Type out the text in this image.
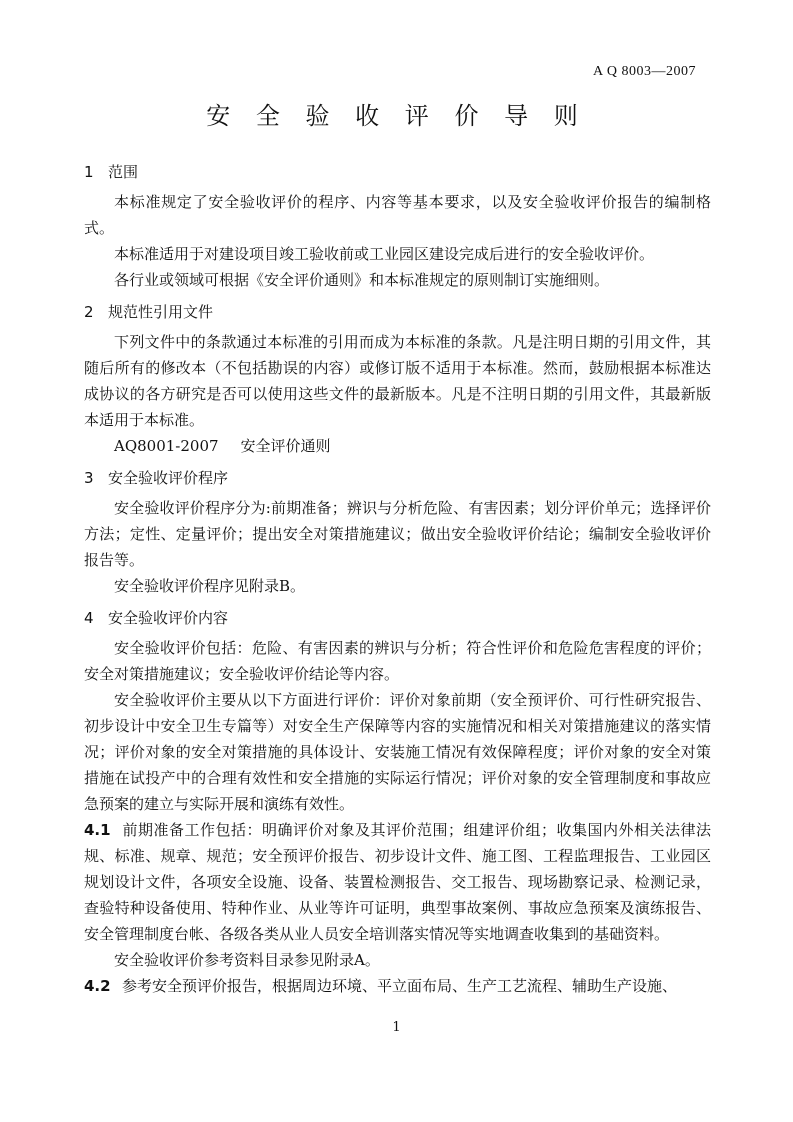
A Q 8003—2007
安 全 验 收 评 价 导 则
1 范围

本标准规定了安全验收评价的程序、内容等基本要求，以及安全验收评价报告的编制格式。

本标准适用于对建设项目竣工验收前或工业园区建设完成后进行的安全验收评价。

各行业或领域可根据《安全评价通则》和本标准规定的原则制订实施细则。

2 规范性引用文件

下列文件中的条款通过本标准的引用而成为本标准的条款。凡是注明日期的引用文件，其随后所有的修改本（不包括勘误的内容）或修订版不适用于本标准。然而，鼓励根据本标准达成协议的各方研究是否可以使用这些文件的最新版本。凡是不注明日期的引用文件，其最新版本适用于本标准。

AQ8001-2007 安全评价通则
3 安全验收评价程序

安全验收评价程序分为:前期准备；辨识与分析危险、有害因素；划分评价单元；选择评价方法；定性、定量评价；提出安全对策措施建议；做出安全验收评价结论；编制安全验收评价报告等。

安全验收评价程序见附录B。

4 安全验收评价内容

安全验收评价包括：危险、有害因素的辨识与分析；符合性评价和危险危害程度的评价；安全对策措施建议；安全验收评价结论等内容。

安全验收评价主要从以下方面进行评价：评价对象前期（安全预评价、可行性研究报告、初步设计中安全卫生专篇等）对安全生产保障等内容的实施情况和相关对策措施建议的落实情况；评价对象的安全对策措施的具体设计、安装施工情况有效保障程度；评价对象的安全对策措施在试投产中的合理有效性和安全措施的实际运行情况；评价对象的安全管理制度和事故应急预案的建立与实际开展和演练有效性。

4.1 前期准备工作包括：明确评价对象及其评价范围；组建评价组；收集国内外相关法律法规、标准、规章、规范；安全预评价报告、初步设计文件、施工图、工程监理报告、工业园区规划设计文件，各项安全设施、设备、装置检测报告、交工报告、现场勘察记录、检测记录，查验特种设备使用、特种作业、从业等许可证明，典型事故案例、事故应急预案及演练报告、安全管理制度台帐、各级各类从业人员安全培训落实情况等实地调查收集到的基础资料。

安全验收评价参考资料目录参见附录A。

4.2 参考安全预评价报告，根据周边环境、平立面布局、生产工艺流程、辅助生产设施、

1
